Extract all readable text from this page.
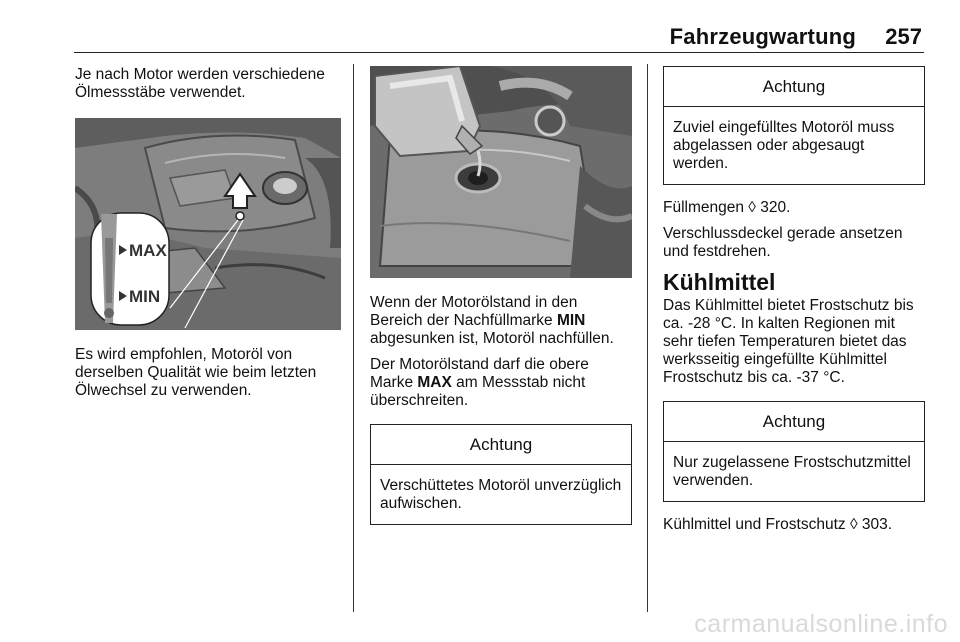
Fahrzeugwartung 257

Je nach Motor werden verschiedene Ölmessstäbe verwendet.

MAX
MIN

Es wird empfohlen, Motoröl von derselben Qualität wie beim letzten Ölwechsel zu verwenden.

Wenn der Motorölstand in den Bereich der Nachfüllmarke MIN abgesunken ist, Motoröl nachfüllen.

Der Motorölstand darf die obere Marke MAX am Messstab nicht überschreiten.

Achtung
Verschüttetes Motoröl unverzüglich aufwischen.
Achtung
Zuviel eingefülltes Motoröl muss abgelassen oder abgesaugt werden.

Füllmengen ◊ 320.

Verschlussdeckel gerade ansetzen und festdrehen.

Kühlmittel

Das Kühlmittel bietet Frostschutz bis ca. -28 °C. In kalten Regionen mit sehr tiefen Temperaturen bietet das werksseitig eingefüllte Kühlmittel Frostschutz bis ca. -37 °C.

Achtung
Nur zugelassene Frostschutzmittel verwenden.

Kühlmittel und Frostschutz ◊ 303.

carmanualsonline.info
